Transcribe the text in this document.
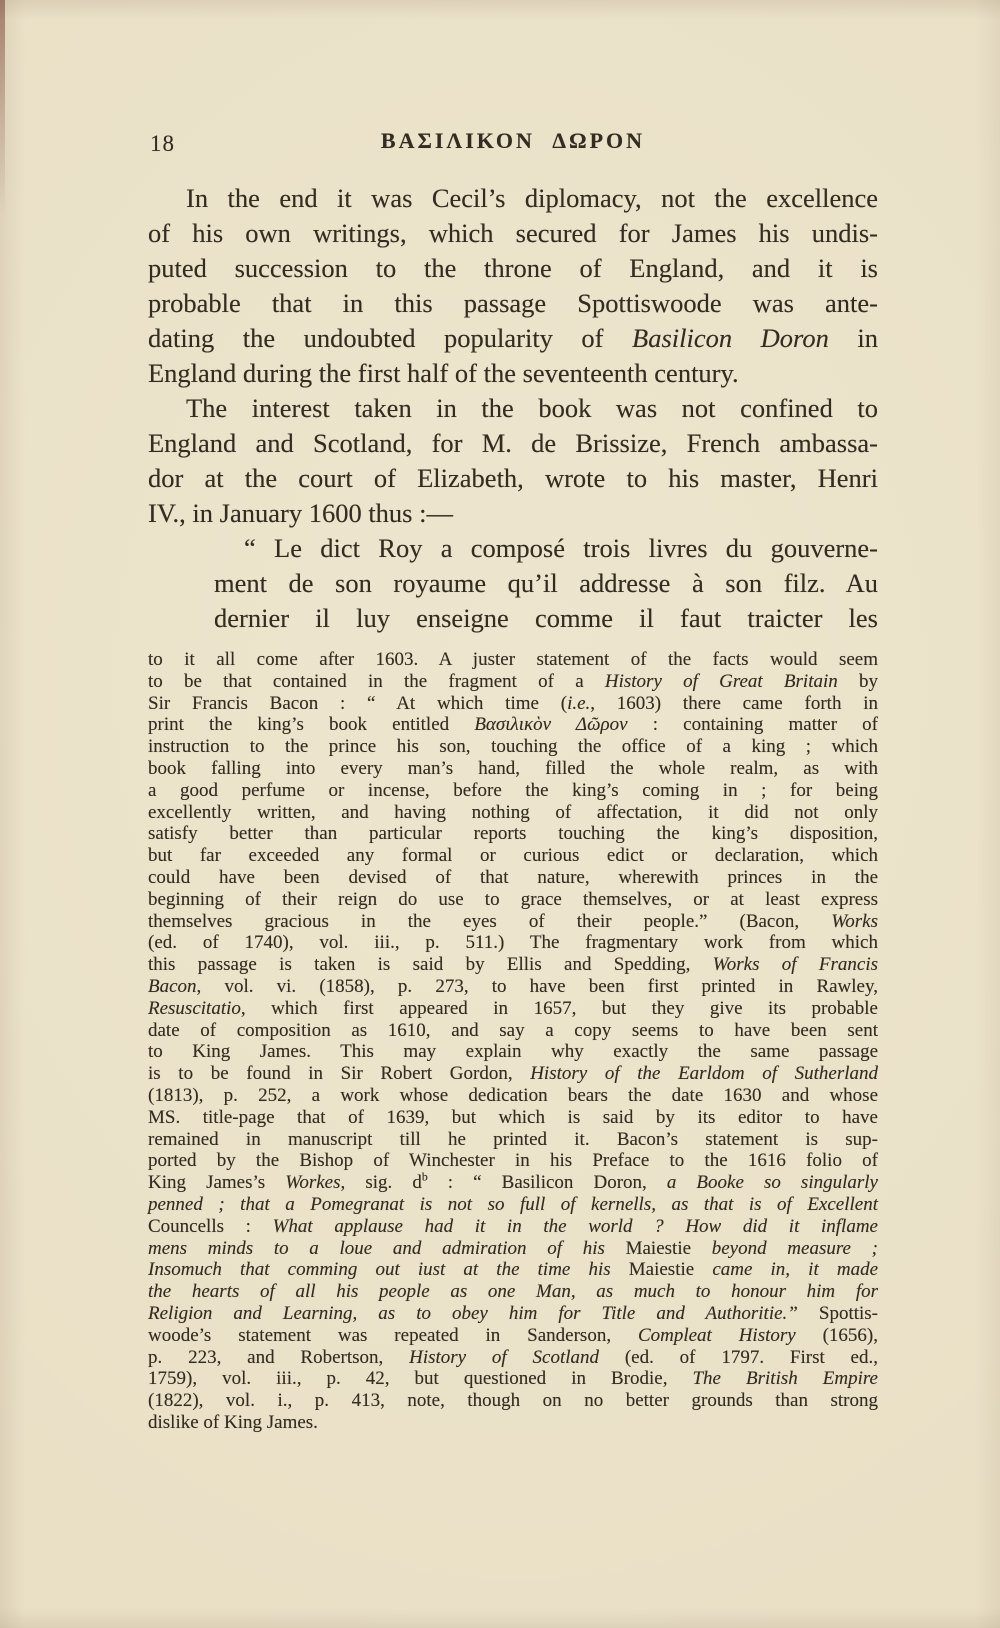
18	ΒΑΣΙΛΙΚΟΝ ΔΩΡΟΝ
In the end it was Cecil’s diplomacy, not the excellence
of his own writings, which secured for James his undis-
puted succession to the throne of England, and it is
probable that in this passage Spottiswoode was ante-
dating the undoubted popularity of Basilicon Doron in
England during the first half of the seventeenth century.
The interest taken in the book was not confined to
England and Scotland, for M. de Brissize, French ambassa-
dor at the court of Elizabeth, wrote to his master, Henri
IV., in January 1600 thus :—
“ Le dict Roy a composé trois livres du gouverne-
ment de son royaume qu’il addresse à son filz. Au
dernier il luy enseigne comme il faut traicter les
to it all come after 1603. A juster statement of the facts would seem
to be that contained in the fragment of a History of Great Britain by
Sir Francis Bacon : “ At which time (i.e., 1603) there came forth in
print the king’s book entitled Βασιλικὸν Δῶρον : containing matter of
instruction to the prince his son, touching the office of a king ; which
book falling into every man’s hand, filled the whole realm, as with
a good perfume or incense, before the king’s coming in ; for being
excellently written, and having nothing of affectation, it did not only
satisfy better than particular reports touching the king’s disposition,
but far exceeded any formal or curious edict or declaration, which
could have been devised of that nature, wherewith princes in the
beginning of their reign do use to grace themselves, or at least express
themselves gracious in the eyes of their people.” (Bacon, Works
(ed. of 1740), vol. iii., p. 511.) The fragmentary work from which
this passage is taken is said by Ellis and Spedding, Works of Francis
Bacon, vol. vi. (1858), p. 273, to have been first printed in Rawley,
Resuscitatio, which first appeared in 1657, but they give its probable
date of composition as 1610, and say a copy seems to have been sent
to King James. This may explain why exactly the same passage
is to be found in Sir Robert Gordon, History of the Earldom of Sutherland
(1813), p. 252, a work whose dedication bears the date 1630 and whose
MS. title-page that of 1639, but which is said by its editor to have
remained in manuscript till he printed it. Bacon’s statement is sup-
ported by the Bishop of Winchester in his Preface to the 1616 folio of
King James’s Workes, sig. $d^b$ : “ Basilicon Doron, a Booke so singularly
penned ; that a Pomegranat is not so full of kernells, as that is of Excellent
Councells : What applause had it in the world ? How did it inflame
mens minds to a loue and admiration of his Maiestie beyond measure ;
Insomuch that comming out iust at the time his Maiestie came in, it made
the hearts of all his people as one Man, as much to honour him for
Religion and Learning, as to obey him for Title and Authoritie.” Spottis-
woode’s statement was repeated in Sanderson, Compleat History (1656),
p. 223, and Robertson, History of Scotland (ed. of 1797. First ed.,
1759), vol. iii., p. 42, but questioned in Brodie, The British Empire
(1822), vol. i., p. 413, note, though on no better grounds than strong
dislike of King James.
